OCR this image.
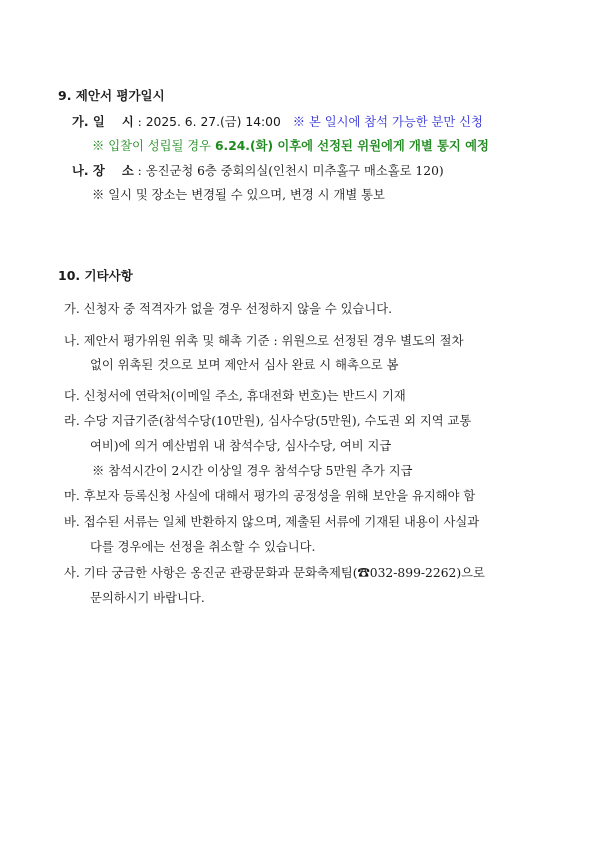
9. 제안서 평가일시
가. 일    시 : 2025. 6. 27.(금) 14:00 ※ 본 일시에 참석 가능한 분만 신청
※ 입찰이 성립될 경우 6.24.(화) 이후에 선정된 위원에게 개별 통지 예정
나. 장    소 : 옹진군청 6층 중회의실(인천시 미추홀구 매소홀로 120)
※ 일시 및 장소는 변경될 수 있으며, 변경 시 개별 통보
10. 기타사항
가. 신청자 중 적격자가 없을 경우 선정하지 않을 수 있습니다.
나. 제안서 평가위원 위촉 및 해촉 기준 : 위원으로 선정된 경우 별도의 절차
없이 위촉된 것으로 보며 제안서 심사 완료 시 해촉으로 봄
다. 신청서에 연락처(이메일 주소, 휴대전화 번호)는 반드시 기재
라. 수당 지급기준(참석수당(10만원), 심사수당(5만원), 수도권 외 지역 교통
여비)에 의거 예산범위 내 참석수당, 심사수당, 여비 지급
※ 참석시간이 2시간 이상일 경우 참석수당 5만원 추가 지급
마. 후보자 등록신청 사실에 대해서 평가의 공정성을 위해 보안을 유지해야 함
바. 접수된 서류는 일체 반환하지 않으며, 제출된 서류에 기재된 내용이 사실과
다를 경우에는 선정을 취소할 수 있습니다.
사. 기타 궁금한 사항은 옹진군 관광문화과 문화축제팀(☎032-899-2262)으로
문의하시기 바랍니다.
